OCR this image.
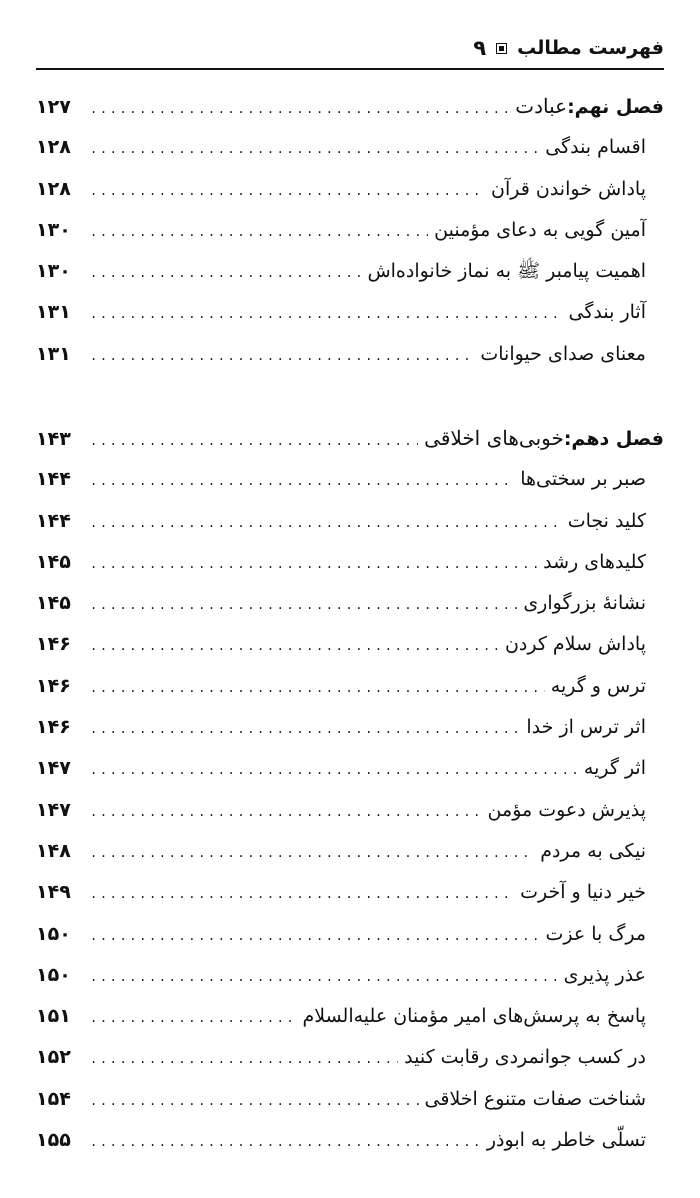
فهرست مطالب
۹
فصل نهم:
عبادت
.....
۱۲۷
اقسام بندگی
.....
۱۲۸
پاداش خواندن قرآن
.....
۱۲۸
آمین گویی به دعای مؤمنین
.....
۱۳۰
اهمیت پیامبر ﷺ به نماز خانواده‌اش
.....
۱۳۰
آثار بندگی
.....
۱۳۱
معنای صدای حیوانات
.....
۱۳۱
فصل دهم:
خوبی‌های اخلاقی
.....
۱۴۳
صبر بر سختی‌ها
.....
۱۴۴
کلید نجات
.....
۱۴۴
کلیدهای رشد
.....
۱۴۵
نشانهٔ بزرگواری
.....
۱۴۵
پاداش سلام کردن
.....
۱۴۶
ترس و گریه
.....
۱۴۶
اثر ترس از خدا
.....
۱۴۶
اثر گریه
.....
۱۴۷
پذیرش دعوت مؤمن
.....
۱۴۷
نیکی به مردم
.....
۱۴۸
خیر دنیا و آخرت
.....
۱۴۹
مرگ با عزت
.....
۱۵۰
عذر پذیری
.....
۱۵۰
پاسخ به پرسش‌های امیر مؤمنان علیه‌السلام
.....
۱۵۱
در کسب جوانمردی رقابت کنید
.....
۱۵۲
شناخت صفات متنوع اخلاقی
.....
۱۵۴
تسلّی خاطر به ابوذر
.....
۱۵۵
